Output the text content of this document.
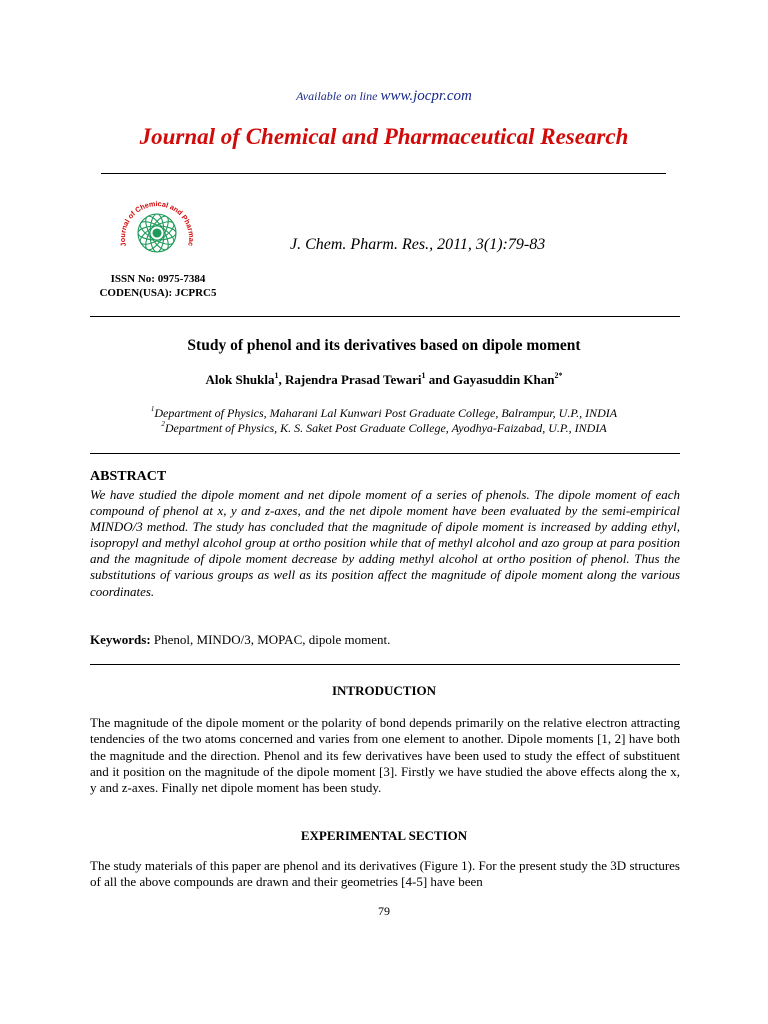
Available on line www.jocpr.com
Journal of Chemical and Pharmaceutical Research
Journal of Chemical and Pharmac
ISSN No: 0975-7384
CODEN(USA): JCPRC5
J. Chem. Pharm. Res., 2011, 3(1):79-83
Study of phenol and its derivatives based on dipole moment
Alok Shukla$^1$, Rajendra Prasad Tewari$^1$ and Gayasuddin Khan$^{2*}$
$^1$Department of Physics, Maharani Lal Kunwari Post Graduate College, Balrampur, U.P., INDIA
$^2$Department of Physics, K. S. Saket Post Graduate College, Ayodhya-Faizabad, U.P., INDIA
ABSTRACT
We have studied the dipole moment and net dipole moment of a series of phenols. The dipole moment of each compound of phenol at x, y and z-axes, and the net dipole moment have been evaluated by the semi-empirical MINDO/3 method. The study has concluded that the magnitude of dipole moment is increased by adding ethyl, isopropyl and methyl alcohol group at ortho position while that of methyl alcohol and azo group at para position and the magnitude of dipole moment decrease by adding methyl alcohol at ortho position of phenol. Thus the substitutions of various groups as well as its position affect the magnitude of dipole moment along the various coordinates.
Keywords: Phenol, MINDO/3, MOPAC, dipole moment.
INTRODUCTION
The magnitude of the dipole moment or the polarity of bond depends primarily on the relative electron attracting tendencies of the two atoms concerned and varies from one element to another. Dipole moments [1, 2] have both the magnitude and the direction. Phenol and its few derivatives have been used to study the effect of substituent and it position on the magnitude of the dipole moment [3]. Firstly we have studied the above effects along the x, y and z-axes. Finally net dipole moment has been study.
EXPERIMENTAL SECTION
The study materials of this paper are phenol and its derivatives (Figure 1). For the present study the 3D structures of all the above compounds are drawn and their geometries [4-5] have been
79
